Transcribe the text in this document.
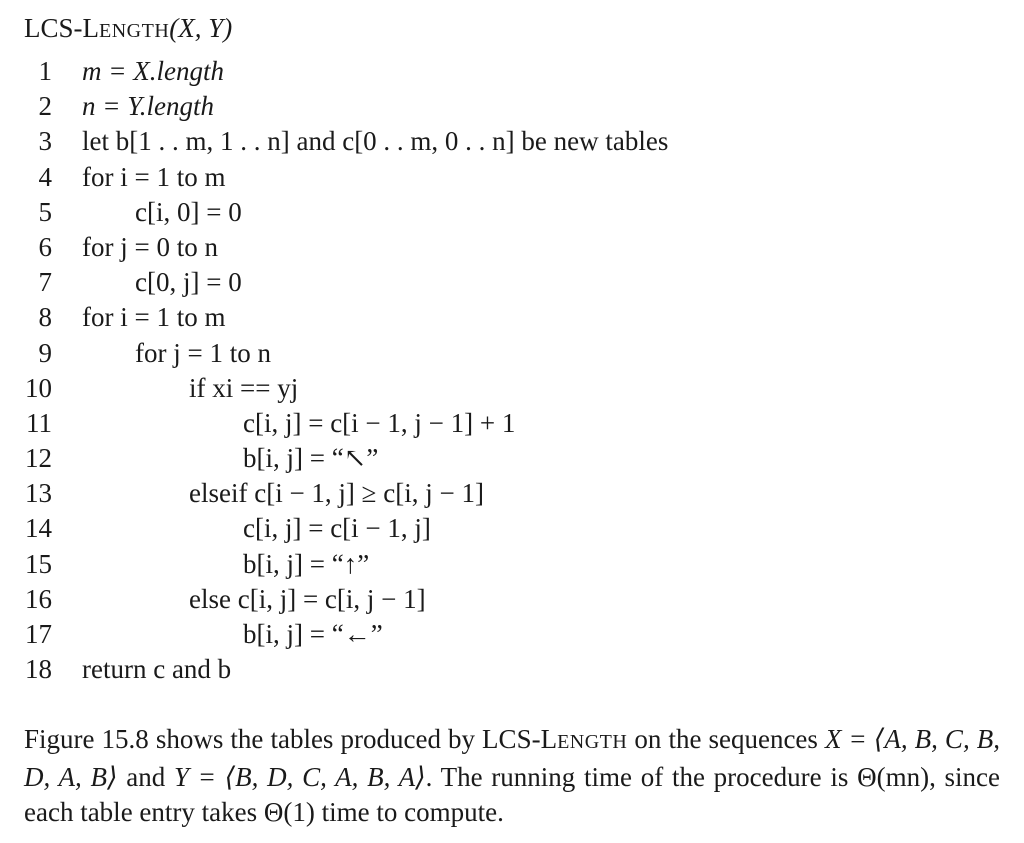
LCS-LENGTH(X, Y)
1 m = X.length
2 n = Y.length
3 let b[1 . . m, 1 . . n] and c[0 . . m, 0 . . n] be new tables
4 for i = 1 to m
5	c[i, 0] = 0
6 for j = 0 to n
7	c[0, j] = 0
8 for i = 1 to m
9	for j = 1 to n
10	if xi == yj
11	c[i, j] = c[i − 1, j − 1] + 1
12	b[i, j] = “↖”
13	elseif c[i − 1, j] ≥ c[i, j − 1]
14	c[i, j] = c[i − 1, j]
15	b[i, j] = “↑”
16	else c[i, j] = c[i, j − 1]
17	b[i, j] = “←”
18 return c and b
Figure 15.8 shows the tables produced by LCS-LENGTH on the sequences X = ⟨A, B, C, B, D, A, B⟩ and Y = ⟨B, D, C, A, B, A⟩. The running time of the procedure is Θ(mn), since each table entry takes Θ(1) time to compute.
